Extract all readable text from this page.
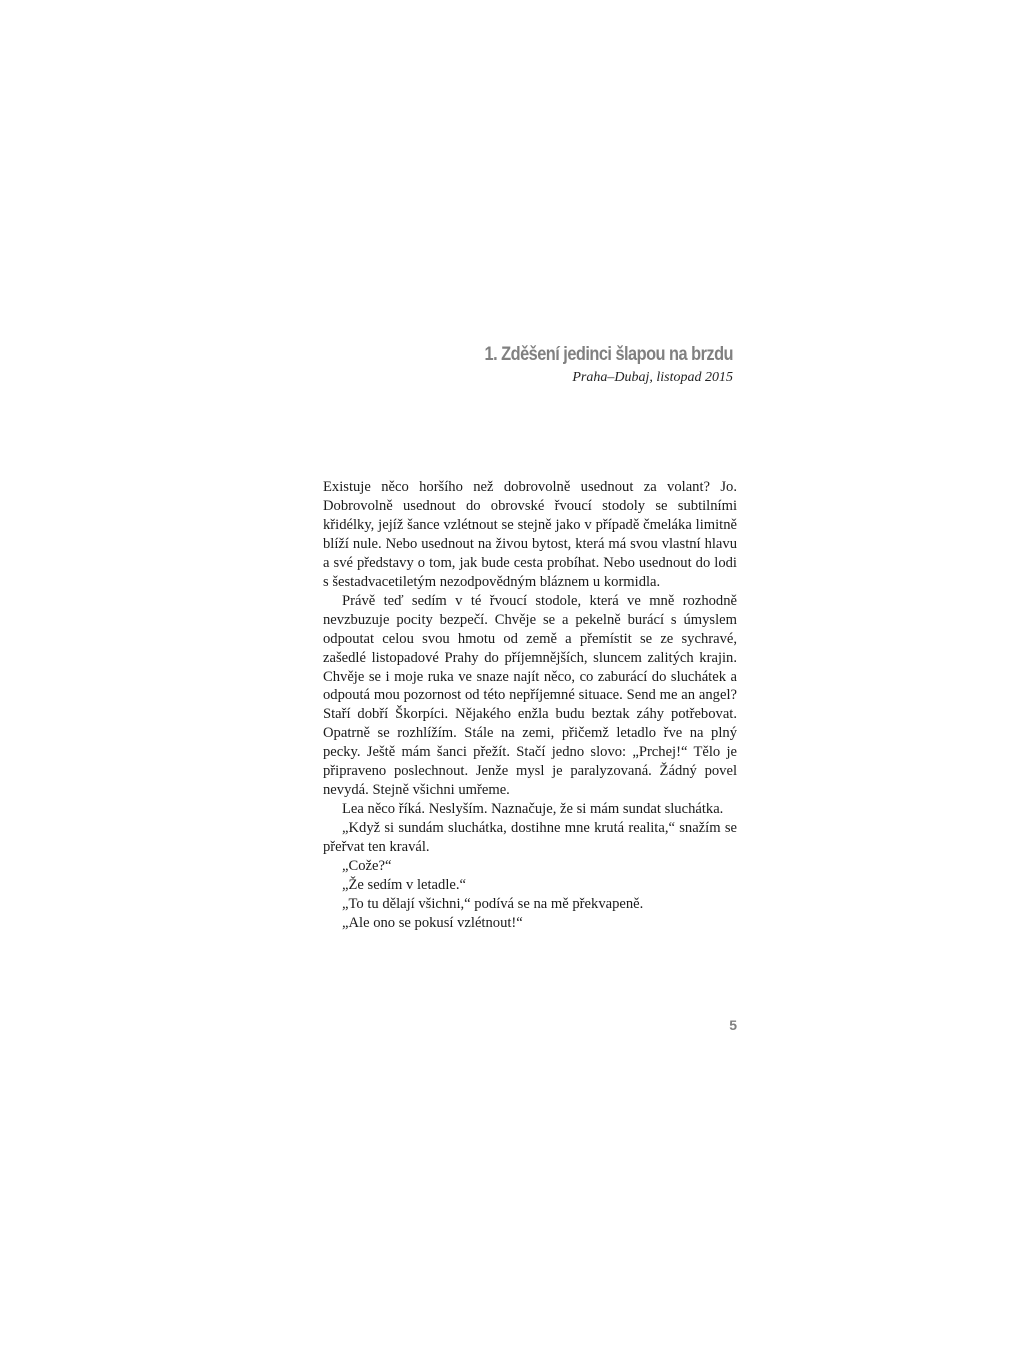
1. Zděšení jedinci šlapou na brzdu
Praha–Dubaj, listopad 2015

Existuje něco horšího než dobrovolně usednout za volant? Jo. Dobrovolně usednout do obrovské řvoucí stodoly se subtilními křidélky, jejíž šance vzlétnout se stejně jako v případě čmeláka limitně blíží nule. Nebo usednout na živou bytost, která má svou vlastní hlavu a své představy o tom, jak bude cesta probíhat. Nebo usednout do lodi s šestadvacetiletým nezodpovědným bláznem u kormidla.

Právě teď sedím v té řvoucí stodole, která ve mně rozhodně nevzbuzuje pocity bezpečí. Chvěje se a pekelně burácí s úmyslem odpoutat celou svou hmotu od země a přemístit se ze sychravé, zašedlé listopadové Prahy do příjemnějších, sluncem zalitých krajin. Chvěje se i moje ruka ve snaze najít něco, co zaburácí do sluchátek a odpoutá mou pozornost od této nepříjemné situace. Send me an angel? Staří dobří Škorpíci. Nějakého enžla budu beztak záhy potřebovat. Opatrně se rozhlížím. Stále na zemi, přičemž letadlo řve na plný pecky. Ještě mám šanci přežít. Stačí jedno slovo: „Prchej!“ Tělo je připraveno poslechnout. Jenže mysl je paralyzovaná. Žádný povel nevydá. Stejně všichni umřeme.

Lea něco říká. Neslyším. Naznačuje, že si mám sundat sluchátka.

„Když si sundám sluchátka, dostihne mne krutá realita,“ snažím se přeřvat ten kravál.

„Cože?“

„Že sedím v letadle.“

„To tu dělají všichni,“ podívá se na mě překvapeně.

„Ale ono se pokusí vzlétnout!“

5
